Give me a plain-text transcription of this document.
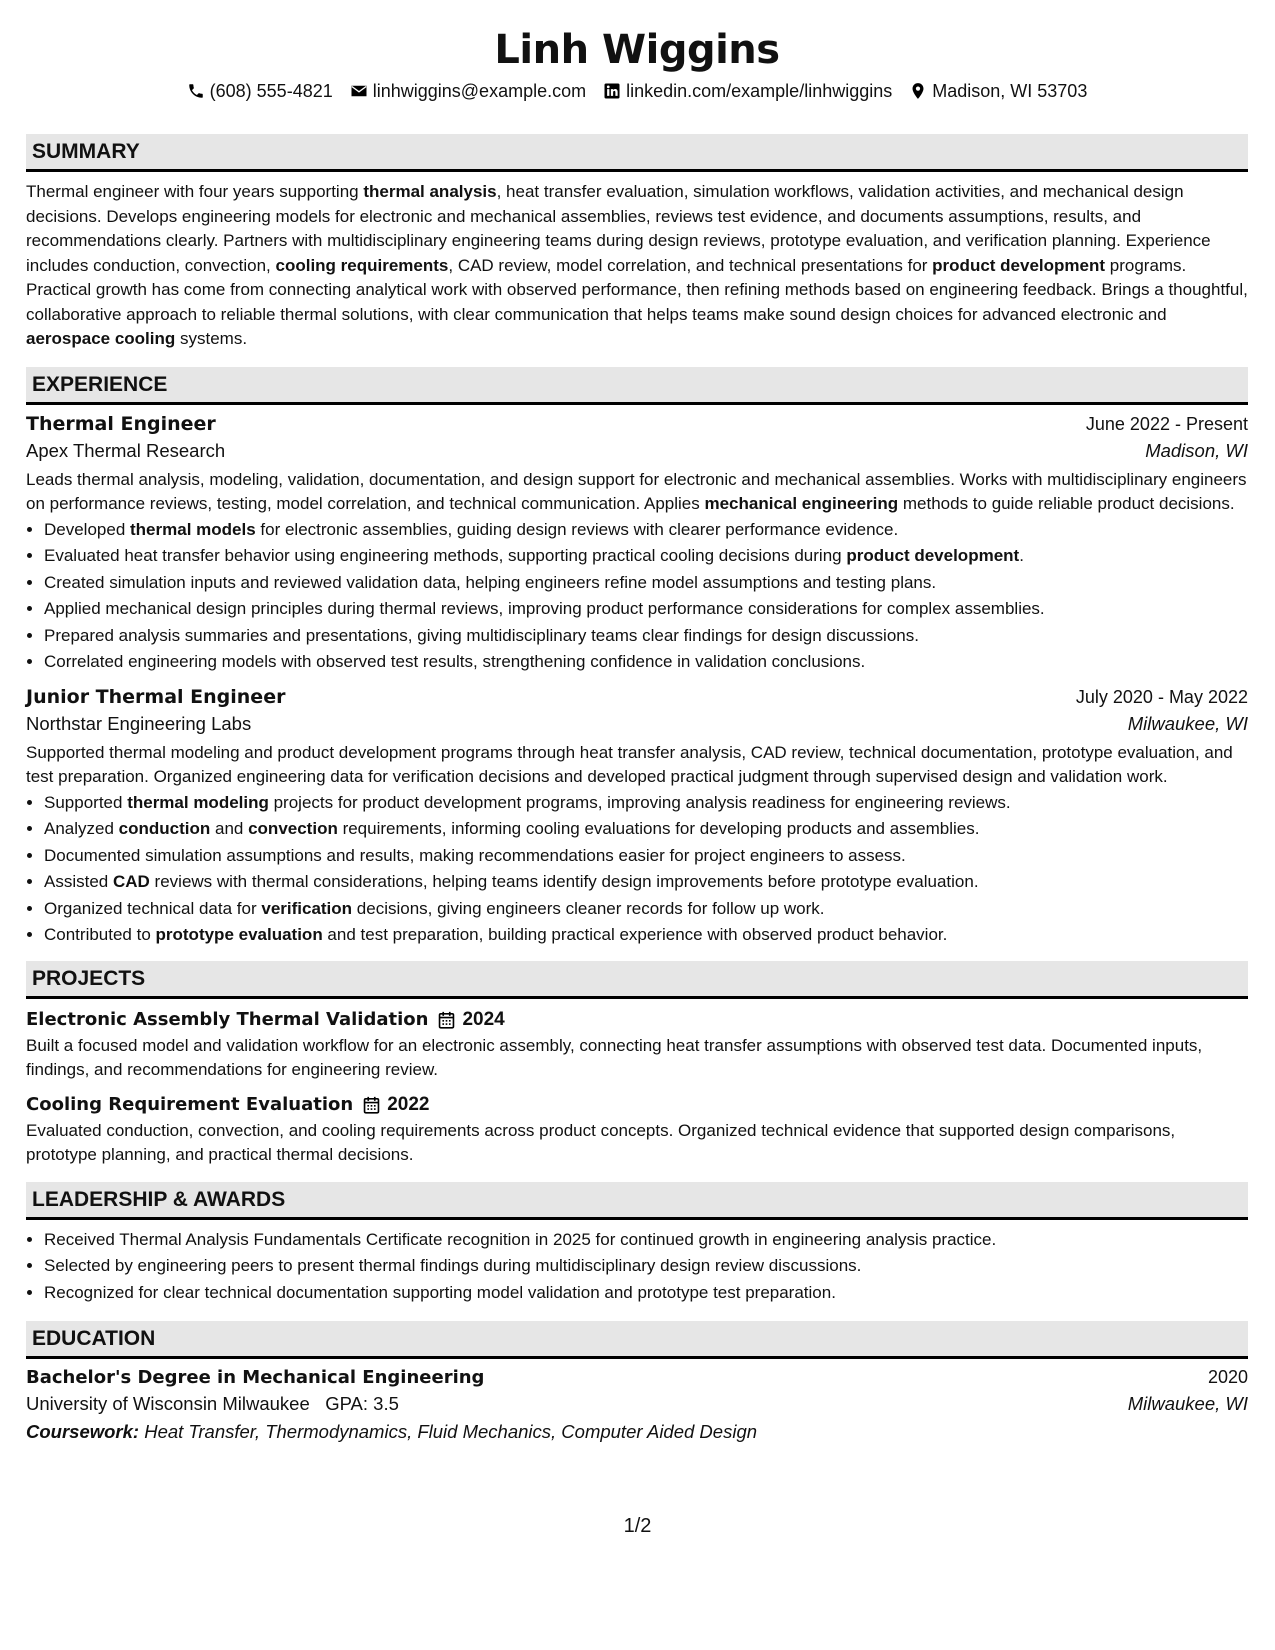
Linh Wiggins
(608) 555-4821 linhwiggins@example.com linkedin.com/example/linhwiggins Madison, WI 53703
SUMMARY
Thermal engineer with four years supporting thermal analysis, heat transfer evaluation, simulation workflows, validation activities, and mechanical design decisions. Develops engineering models for electronic and mechanical assemblies, reviews test evidence, and documents assumptions, results, and recommendations clearly. Partners with multidisciplinary engineering teams during design reviews, prototype evaluation, and verification planning. Experience includes conduction, convection, cooling requirements, CAD review, model correlation, and technical presentations for product development programs. Practical growth has come from connecting analytical work with observed performance, then refining methods based on engineering feedback. Brings a thoughtful, collaborative approach to reliable thermal solutions, with clear communication that helps teams make sound design choices for advanced electronic and aerospace cooling systems.
EXPERIENCE
Thermal Engineer	June 2022 - Present
Apex Thermal Research	Madison, WI
Leads thermal analysis, modeling, validation, documentation, and design support for electronic and mechanical assemblies. Works with multidisciplinary engineers on performance reviews, testing, model correlation, and technical communication. Applies mechanical engineering methods to guide reliable product decisions.
• Developed thermal models for electronic assemblies, guiding design reviews with clearer performance evidence.
• Evaluated heat transfer behavior using engineering methods, supporting practical cooling decisions during product development.
• Created simulation inputs and reviewed validation data, helping engineers refine model assumptions and testing plans.
• Applied mechanical design principles during thermal reviews, improving product performance considerations for complex assemblies.
• Prepared analysis summaries and presentations, giving multidisciplinary teams clear findings for design discussions.
• Correlated engineering models with observed test results, strengthening confidence in validation conclusions.
Junior Thermal Engineer	July 2020 - May 2022
Northstar Engineering Labs	Milwaukee, WI
Supported thermal modeling and product development programs through heat transfer analysis, CAD review, technical documentation, prototype evaluation, and test preparation. Organized engineering data for verification decisions and developed practical judgment through supervised design and validation work.
• Supported thermal modeling projects for product development programs, improving analysis readiness for engineering reviews.
• Analyzed conduction and convection requirements, informing cooling evaluations for developing products and assemblies.
• Documented simulation assumptions and results, making recommendations easier for project engineers to assess.
• Assisted CAD reviews with thermal considerations, helping teams identify design improvements before prototype evaluation.
• Organized technical data for verification decisions, giving engineers cleaner records for follow up work.
• Contributed to prototype evaluation and test preparation, building practical experience with observed product behavior.
PROJECTS
Electronic Assembly Thermal Validation 2024
Built a focused model and validation workflow for an electronic assembly, connecting heat transfer assumptions with observed test data. Documented inputs, findings, and recommendations for engineering review.
Cooling Requirement Evaluation 2022
Evaluated conduction, convection, and cooling requirements across product concepts. Organized technical evidence that supported design comparisons, prototype planning, and practical thermal decisions.
LEADERSHIP & AWARDS
• Received Thermal Analysis Fundamentals Certificate recognition in 2025 for continued growth in engineering analysis practice.
• Selected by engineering peers to present thermal findings during multidisciplinary design review discussions.
• Recognized for clear technical documentation supporting model validation and prototype test preparation.
EDUCATION
Bachelor's Degree in Mechanical Engineering	2020
University of Wisconsin Milwaukee GPA: 3.5	Milwaukee, WI
Coursework: Heat Transfer, Thermodynamics, Fluid Mechanics, Computer Aided Design
1/2
